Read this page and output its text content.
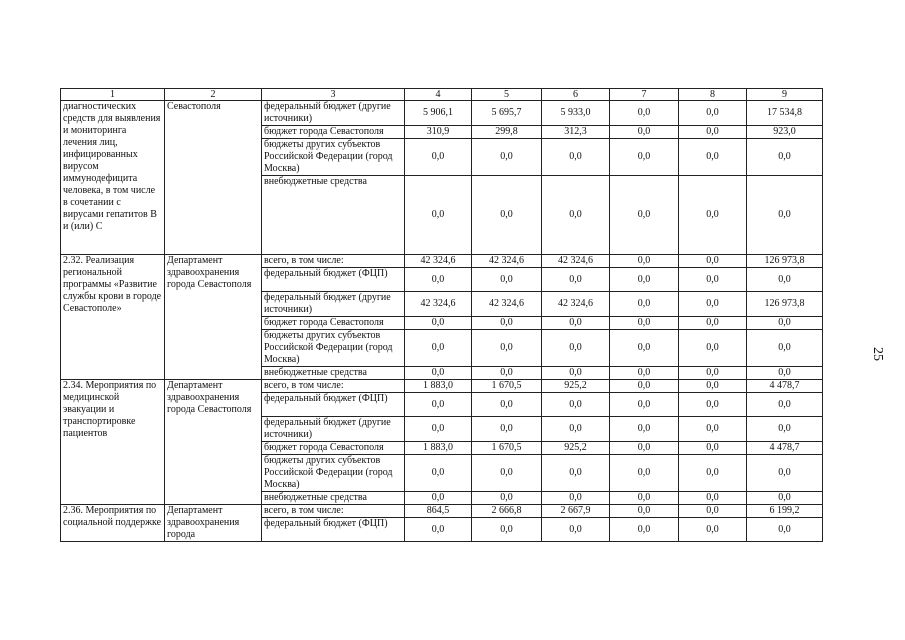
1	2	3	4	5	6	7	8	9
диагностических средств для выявления и мониторинга лечения лиц, инфицированных вирусом иммунодефицита человека, в том числе в сочетании с вирусами гепатитов B и (или) C	Севастополя	федеральный бюджет (другие источники)	5 906,1	5 695,7	5 933,0	0,0	0,0	17 534,8
		бюджет города Севастополя	310,9	299,8	312,3	0,0	0,0	923,0
		бюджеты других субъектов Российской Федерации (город Москва)	0,0	0,0	0,0	0,0	0,0	0,0
		внебюджетные средства	0,0	0,0	0,0	0,0	0,0	0,0
2.32. Реализация региональной программы «Развитие службы крови в городе Севастополе»	Департамент здравоохранения города Севастополя	всего, в том числе:	42 324,6	42 324,6	42 324,6	0,0	0,0	126 973,8
		федеральный бюджет (ФЦП)	0,0	0,0	0,0	0,0	0,0	0,0
		федеральный бюджет (другие источники)	42 324,6	42 324,6	42 324,6	0,0	0,0	126 973,8
		бюджет города Севастополя	0,0	0,0	0,0	0,0	0,0	0,0
		бюджеты других субъектов Российской Федерации (город Москва)	0,0	0,0	0,0	0,0	0,0	0,0
		внебюджетные средства	0,0	0,0	0,0	0,0	0,0	0,0
2.34. Мероприятия по медицинской эвакуации и транспортировке пациентов	Департамент здравоохранения города Севастополя	всего, в том числе:	1 883,0	1 670,5	925,2	0,0	0,0	4 478,7
		федеральный бюджет (ФЦП)	0,0	0,0	0,0	0,0	0,0	0,0
		федеральный бюджет (другие источники)	0,0	0,0	0,0	0,0	0,0	0,0
		бюджет города Севастополя	1 883,0	1 670,5	925,2	0,0	0,0	4 478,7
		бюджеты других субъектов Российской Федерации (город Москва)	0,0	0,0	0,0	0,0	0,0	0,0
		внебюджетные средства	0,0	0,0	0,0	0,0	0,0	0,0
2.36. Мероприятия по социальной поддержке	Департамент здравоохранения города	всего, в том числе:	864,5	2 666,8	2 667,9	0,0	0,0	6 199,2
		федеральный бюджет (ФЦП)	0,0	0,0	0,0	0,0	0,0	0,0
25
